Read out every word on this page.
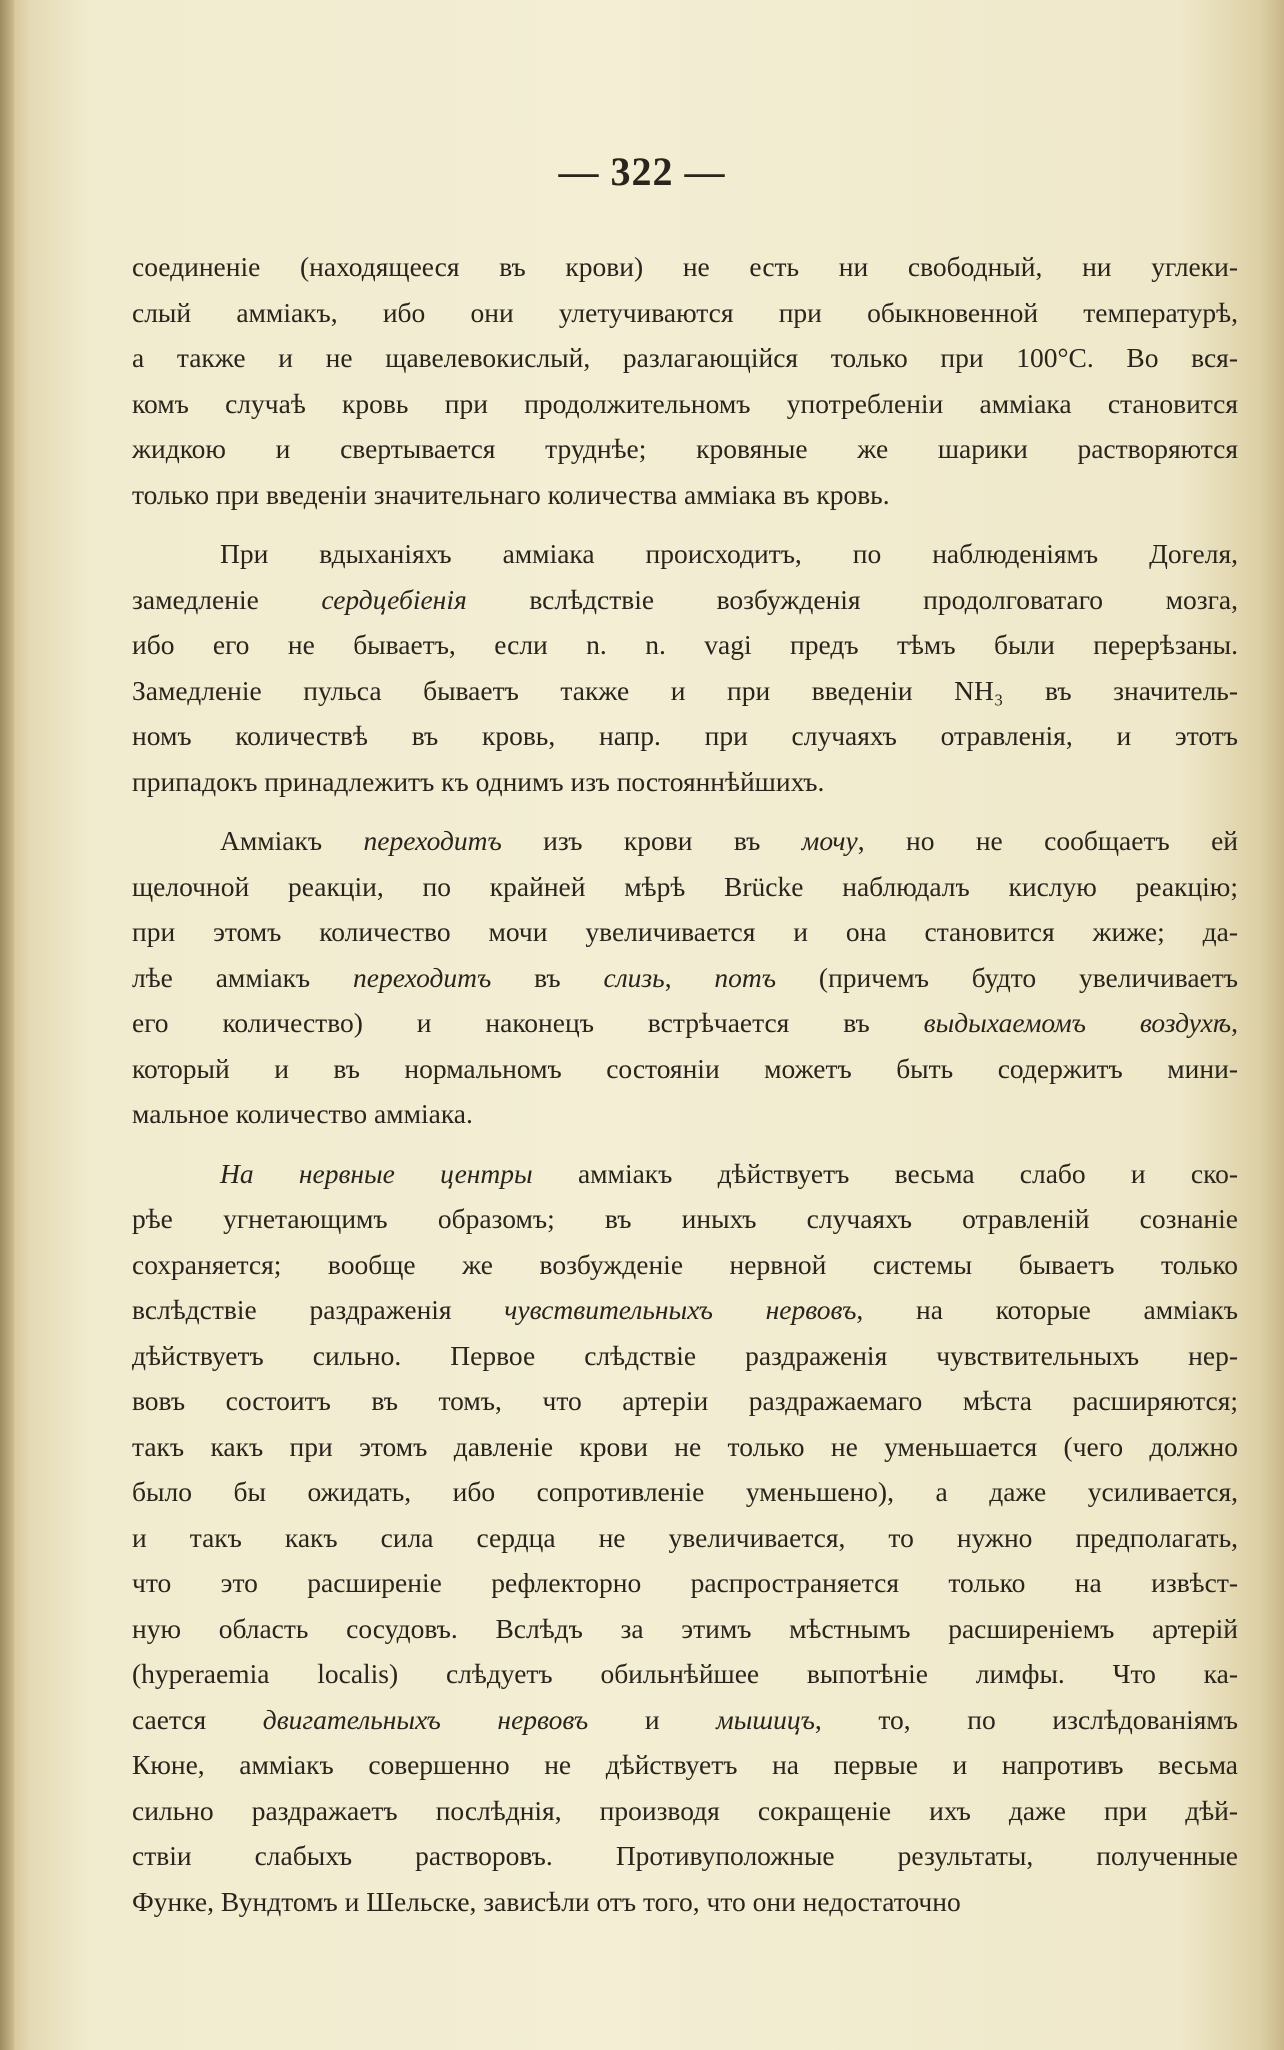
— 322 —
соединеніе (находящееся въ крови) не есть ни свободный, ни углеки-
слый амміакъ, ибо они улетучиваются при обыкновенной температурѣ,
а также и не щавелевокислый, разлагающійся только при 100°С. Во вся-
комъ случаѣ кровь при продолжительномъ употребленіи амміака становится
жидкою и свертывается труднѣе; кровяные же шарики растворяются
только при введеніи значительнаго количества амміака въ кровь.
При вдыханіяхъ амміака происходитъ, по наблюденіямъ Догеля,
замедленіе сердцебіенія вслѣдствіе возбужденія продолговатаго мозга,
ибо его не бываетъ, если n. n. vagi предъ тѣмъ были перерѣзаны.
Замедленіе пульса бываетъ также и при введеніи NH₃ въ значитель-
номъ количествѣ въ кровь, напр. при случаяхъ отравленія, и этотъ
припадокъ принадлежитъ къ однимъ изъ постояннѣйшихъ.
Амміакъ переходитъ изъ крови въ мочу, но не сообщаетъ ей
щелочной реакціи, по крайней мѣрѣ Brücke наблюдалъ кислую реакцію;
при этомъ количество мочи увеличивается и она становится жиже; да-
лѣе амміакъ переходитъ въ слизь, потъ (причемъ будто увеличиваетъ
его количество) и наконецъ встрѣчается въ выдыхаемомъ воздухѣ,
который и въ нормальномъ состояніи можетъ быть содержитъ мини-
мальное количество амміака.
На нервные центры амміакъ дѣйствуетъ весьма слабо и ско-
рѣе угнетающимъ образомъ; въ иныхъ случаяхъ отравленій сознаніе
сохраняется; вообще же возбужденіе нервной системы бываетъ только
вслѣдствіе раздраженія чувствительныхъ нервовъ, на которые амміакъ
дѣйствуетъ сильно. Первое слѣдствіе раздраженія чувствительныхъ нер-
вовъ состоитъ въ томъ, что артеріи раздражаемаго мѣста расширяются;
такъ какъ при этомъ давленіе крови не только не уменьшается (чего должно
было бы ожидать, ибо сопротивленіе уменьшено), а даже усиливается,
и такъ какъ сила сердца не увеличивается, то нужно предполагать,
что это расширеніе рефлекторно распространяется только на извѣст-
ную область сосудовъ. Вслѣдъ за этимъ мѣстнымъ расширеніемъ артерій
(hyperaemia localis) слѣдуетъ обильнѣйшее выпотѣніе лимфы. Что ка-
сается двигательныхъ нервовъ и мышицъ, то, по изслѣдованіямъ
Кюне, амміакъ совершенно не дѣйствуетъ на первые и напротивъ весьма
сильно раздражаетъ послѣднія, производя сокращеніе ихъ даже при дѣй-
ствіи слабыхъ растворовъ. Противуположные результаты, полученные
Функе, Вундтомъ и Шельске, зависѣли отъ того, что они недостаточно
